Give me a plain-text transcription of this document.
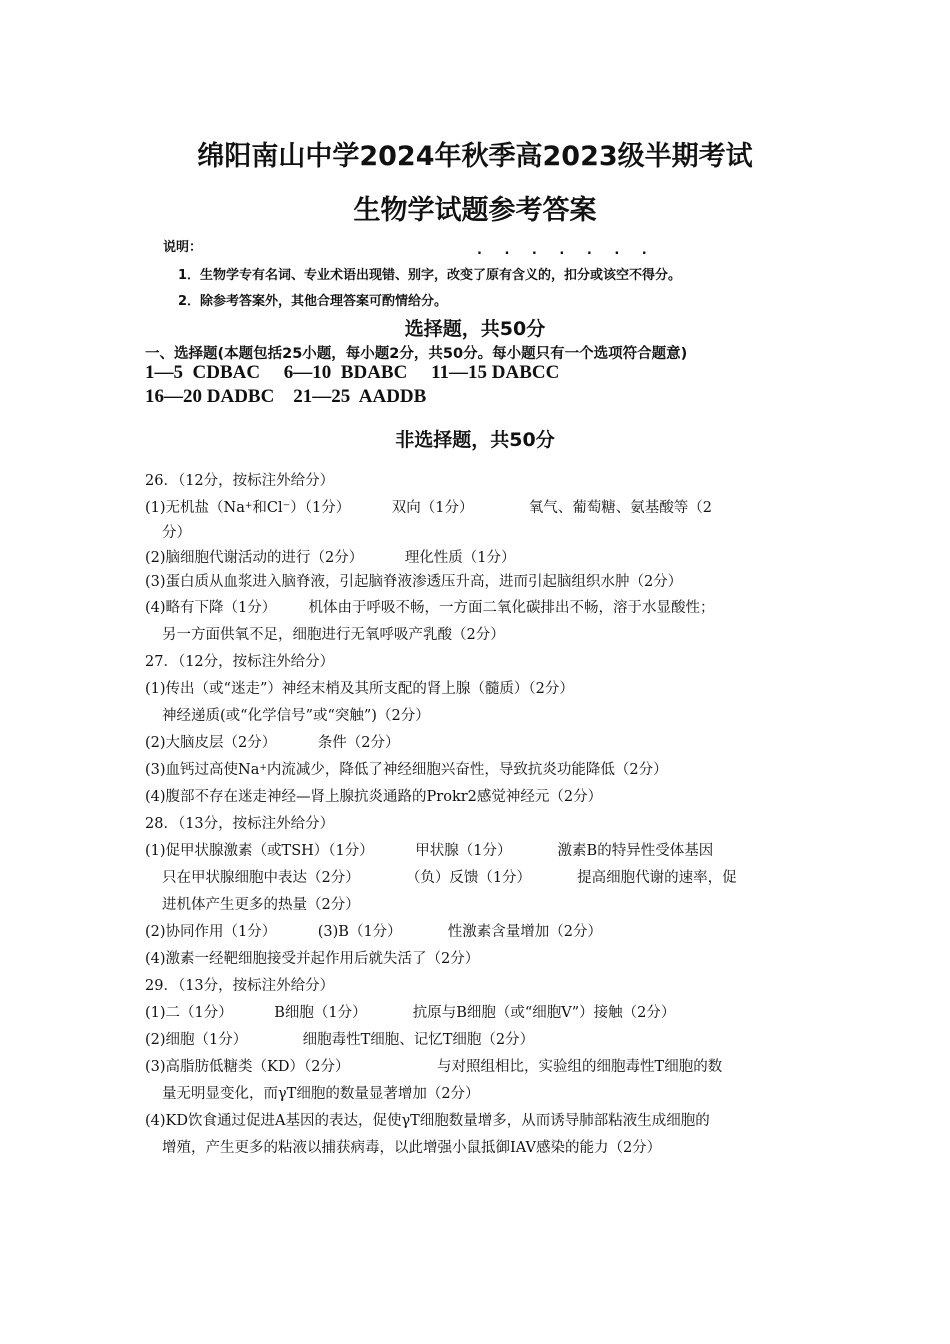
绵阳南山中学2024年秋季高2023级半期考试
生物学试题参考答案
说明：	. . . . . . .
1．生物学专有名词、专业术语出现错、别字，改变了原有含义的，扣分或该空不得分。
2．除参考答案外，其他合理答案可酌情给分。
选择题，共50分
一、选择题(本题包括25小题，每小题2分，共50分。每小题只有一个选项符合题意)
1—5  CDBAC     6—10  BDABC     11—15 DABCC
16—20 DADBC    21—25  AADDB
非选择题，共50分
26．（12分，按标注外给分）
(1)无机盐（Na+和Cl⁻）（1分）         双向（1分）            氧气、葡萄糖、氨基酸等（2
分）
(2)脑细胞代谢活动的进行（2分）         理化性质（1分）
(3)蛋白质从血浆进入脑脊液，引起脑脊液渗透压升高，进而引起脑组织水肿（2分）
(4)略有下降（1分）       机体由于呼吸不畅，一方面二氧化碳排出不畅，溶于水显酸性；
另一方面供氧不足，细胞进行无氧呼吸产乳酸（2分）
27．（12分，按标注外给分）
(1)传出（或“迷走”）神经末梢及其所支配的肾上腺（髓质）（2分）
神经递质(或“化学信号”或“突触”)（2分）
(2)大脑皮层（2分）         条件（2分）
(3)血钙过高使Na+内流减少，降低了神经细胞兴奋性，导致抗炎功能降低（2分）
(4)腹部不存在迷走神经—肾上腺抗炎通路的Prokr2感觉神经元（2分）
28．（13分，按标注外给分）
(1)促甲状腺激素（或TSH）（1分）         甲状腺（1分）          激素B的特异性受体基因
只在甲状腺细胞中表达（2分）          （负）反馈（1分）          提高细胞代谢的速率，促
进机体产生更多的热量（2分）
(2)协同作用（1分）         (3)B（1分）          性激素含量增加（2分）
(4)激素一经靶细胞接受并起作用后就失活了（2分）
29．（13分，按标注外给分）
(1)二（1分）         B细胞（1分）          抗原与B细胞（或“细胞Ⅴ”）接触（2分）
(2)细胞（1分）            细胞毒性T细胞、记忆T细胞（2分）
(3)高脂肪低糖类（KD）（2分）                   与对照组相比，实验组的细胞毒性T细胞的数
量无明显变化，而γT细胞的数量显著增加（2分）
(4)KD饮食通过促进A基因的表达，促使γT细胞数量增多，从而诱导肺部粘液生成细胞的
增殖，产生更多的粘液以捕获病毒，以此增强小鼠抵御IAV感染的能力（2分）
